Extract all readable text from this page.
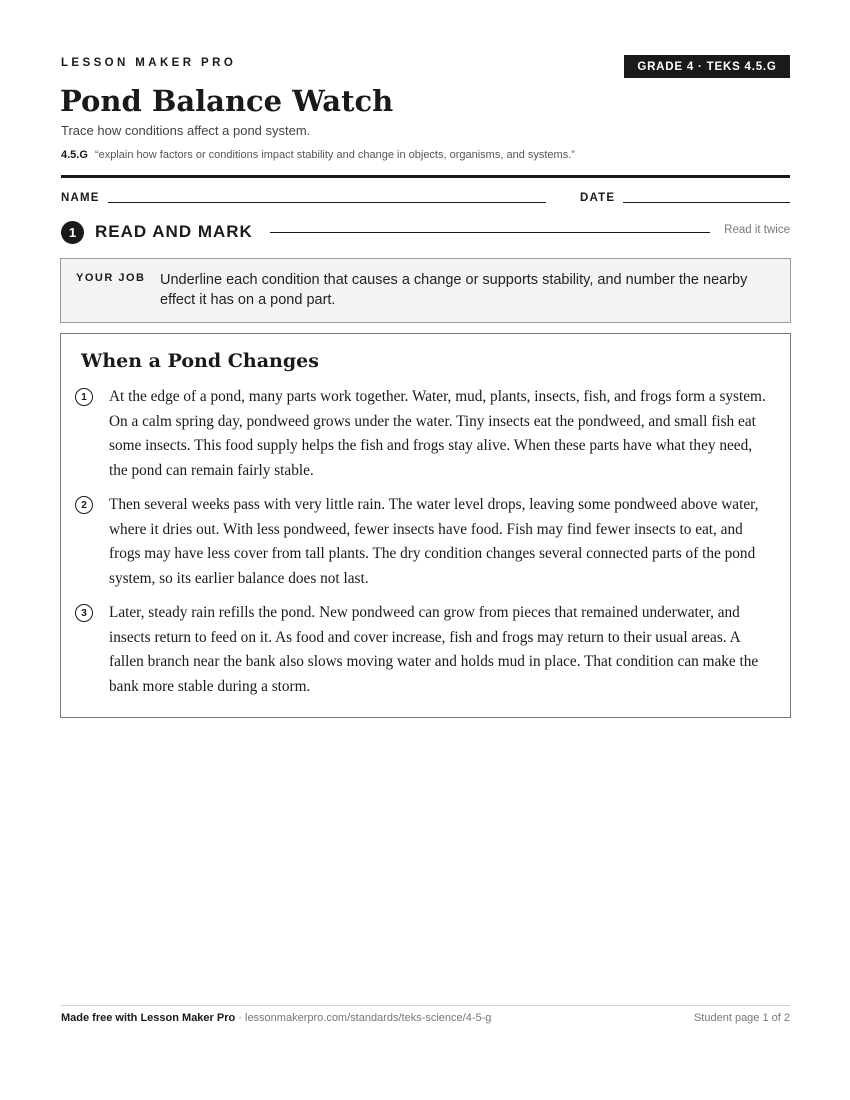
LESSON MAKER PRO	GRADE 4 · TEKS 4.5.G
Pond Balance Watch
Trace how conditions affect a pond system.
4.5.G “explain how factors or conditions impact stability and change in objects, organisms, and systems.”
NAME	DATE
1	READ AND MARK	Read it twice
YOUR JOB Underline each condition that causes a change or supports stability, and number the nearby effect it has on a pond part.
When a Pond Changes
1	At the edge of a pond, many parts work together. Water, mud, plants, insects, fish, and frogs form a system. On a calm spring day, pondweed grows under the water. Tiny insects eat the pondweed, and small fish eat some insects. This food supply helps the fish and frogs stay alive. When these parts have what they need, the pond can remain fairly stable.

2	Then several weeks pass with very little rain. The water level drops, leaving some pondweed above water, where it dries out. With less pondweed, fewer insects have food. Fish may find fewer insects to eat, and frogs may have less cover from tall plants. The dry condition changes several connected parts of the pond system, so its earlier balance does not last.

3	Later, steady rain refills the pond. New pondweed can grow from pieces that remained underwater, and insects return to feed on it. As food and cover increase, fish and frogs may return to their usual areas. A fallen branch near the bank also slows moving water and holds mud in place. That condition can make the bank more stable during a storm.

Made free with Lesson Maker Pro · lessonmakerpro.com/standards/teks-science/4-5-g	Student page 1 of 2
